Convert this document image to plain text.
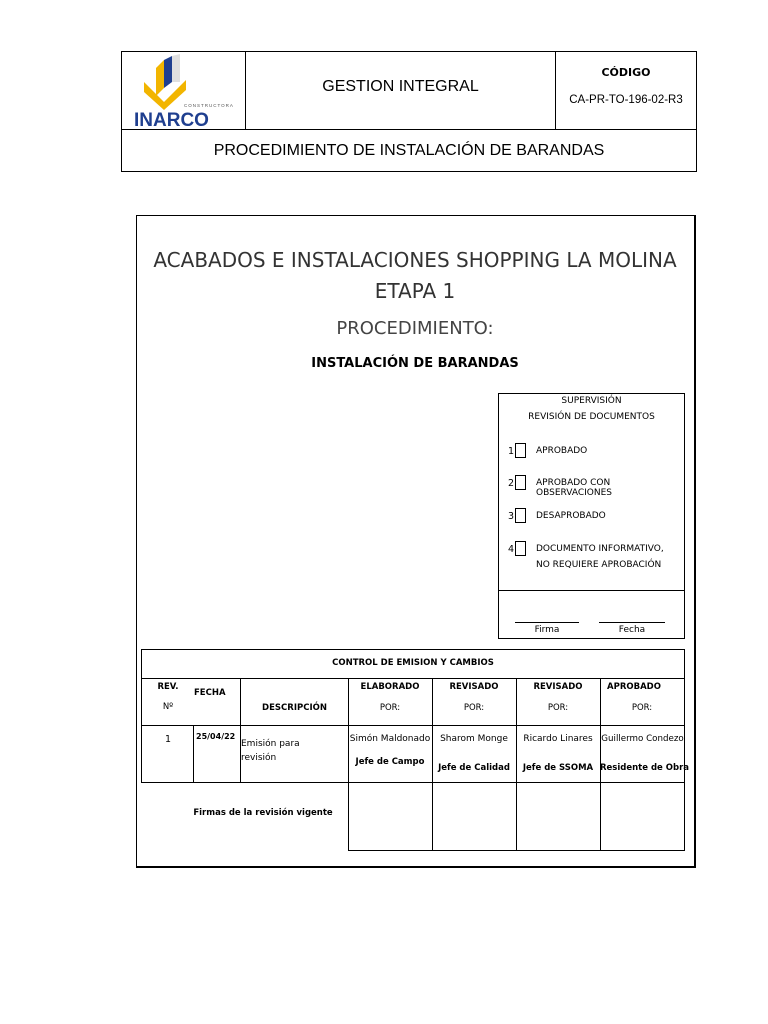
CONSTRUCTORA
INARCO
GESTION INTEGRAL
CÓDIGO
CA-PR-TO-196-02-R3
PROCEDIMIENTO DE INSTALACIÓN DE BARANDAS
ACABADOS E INSTALACIONES SHOPPING LA MOLINA
ETAPA 1
PROCEDIMIENTO:
INSTALACIÓN DE BARANDAS
SUPERVISIÓN
REVISIÓN DE DOCUMENTOS
1 APROBADO
2 APROBADO CON OBSERVACIONES
3 DESAPROBADO
4 DOCUMENTO INFORMATIVO,
NO REQUIERE APROBACIÓN
Firma	Fecha
CONTROL DE EMISION Y CAMBIOS
REV.
Nº
FECHA
DESCRIPCIÓN
ELABORADO
POR:
REVISADO
POR:
REVISADO
POR:
APROBADO
POR:
1	25/04/22
Emisión para
revisión
Simón Maldonado
Jefe de Campo
Sharom Monge
Jefe de Calidad
Ricardo Linares
Jefe de SSOMA
Guillermo Condezo
Residente de Obra
Firmas de la revisión vigente
